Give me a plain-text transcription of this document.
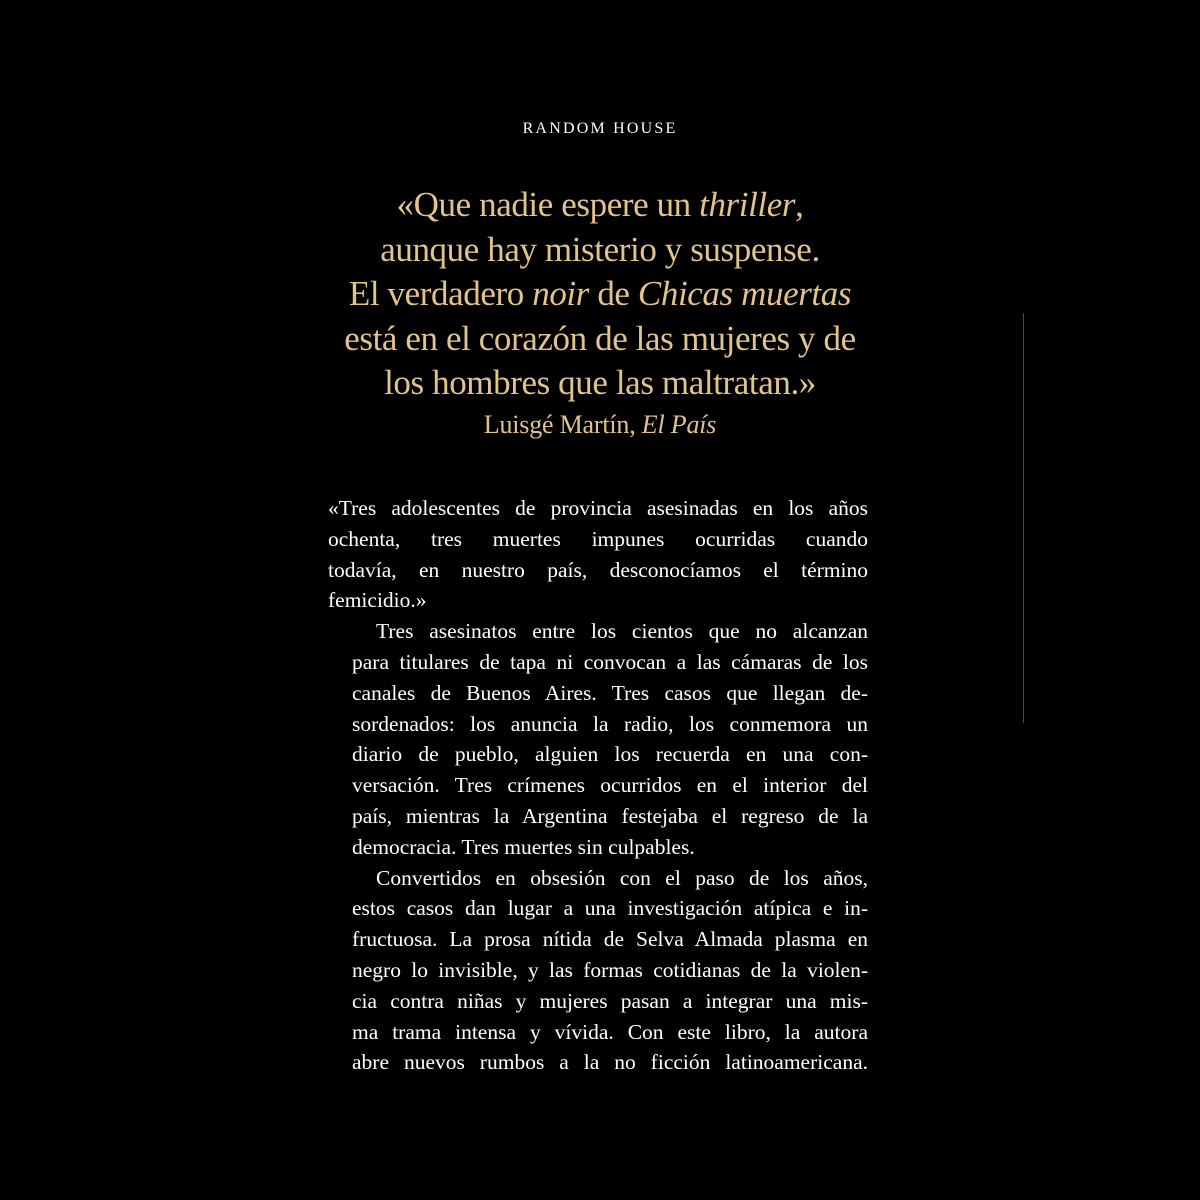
RANDOM HOUSE
«Que nadie espere un thriller,
aunque hay misterio y suspense.
El verdadero noir de Chicas muertas
está en el corazón de las mujeres y de
los hombres que las maltratan.»
Luisgé Martín, El País

«Tres adolescentes de provincia asesinadas en los años
ochenta, tres muertes impunes ocurridas cuando
todavía, en nuestro país, desconocíamos el término
femicidio.»

Tres asesinatos entre los cientos que no alcanzan
para titulares de tapa ni convocan a las cámaras de los
canales de Buenos Aires. Tres casos que llegan de-
sordenados: los anuncia la radio, los conmemora un
diario de pueblo, alguien los recuerda en una con-
versación. Tres crímenes ocurridos en el interior del
país, mientras la Argentina festejaba el regreso de la
democracia. Tres muertes sin culpables.

Convertidos en obsesión con el paso de los años,
estos casos dan lugar a una investigación atípica e in-
fructuosa. La prosa nítida de Selva Almada plasma en
negro lo invisible, y las formas cotidianas de la violen-
cia contra niñas y mujeres pasan a integrar una mis-
ma trama intensa y vívida. Con este libro, la autora
abre nuevos rumbos a la no ficción latinoamericana.
